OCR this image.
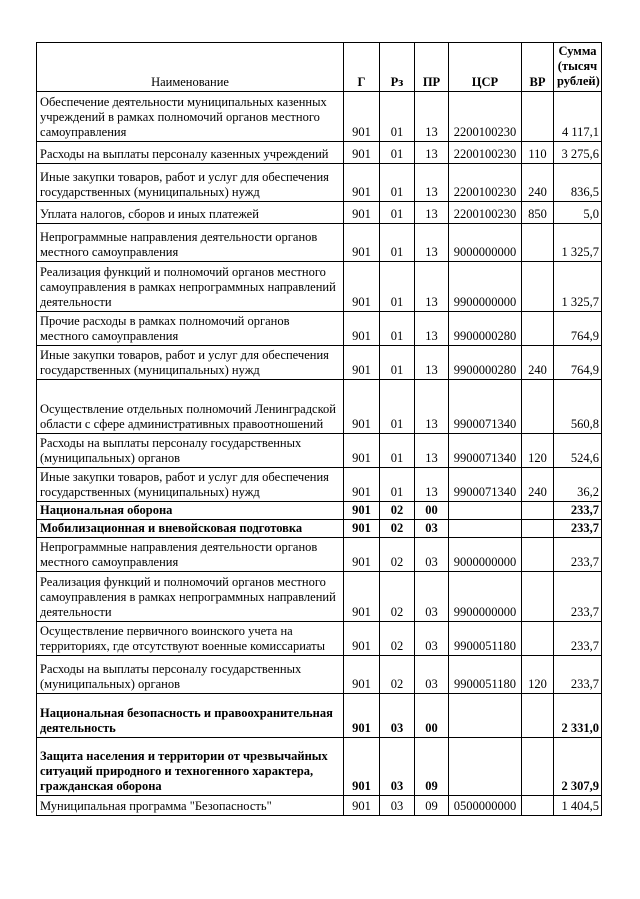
Наименование	Г	Рз	ПР	ЦСР	ВР	Сумма (тысяч рублей)
Обеспечение деятельности муниципальных казенных учреждений в рамках полномочий органов местного самоуправления	901	01	13	2200100230		4 117,1
Расходы на выплаты персоналу казенных учреждений	901	01	13	2200100230	110	3 275,6
Иные закупки товаров, работ и услуг для обеспечения государственных (муниципальных) нужд	901	01	13	2200100230	240	836,5
Уплата налогов, сборов и иных платежей	901	01	13	2200100230	850	5,0
Непрограммные направления деятельности органов местного самоуправления	901	01	13	9000000000		1 325,7
Реализация функций и полномочий органов местного самоуправления в рамках непрограммных направлений деятельности	901	01	13	9900000000		1 325,7
Прочие расходы в рамках полномочий органов местного самоуправления	901	01	13	9900000280		764,9
Иные закупки товаров, работ и услуг для обеспечения государственных (муниципальных) нужд	901	01	13	9900000280	240	764,9
Осуществление отдельных полномочий Ленинградской области с сфере административных правоотношений	901	01	13	9900071340		560,8
Расходы на выплаты персоналу государственных (муниципальных) органов	901	01	13	9900071340	120	524,6
Иные закупки товаров, работ и услуг для обеспечения государственных (муниципальных) нужд	901	01	13	9900071340	240	36,2
Национальная оборона	901	02	00			233,7
Мобилизационная и вневойсковая подготовка	901	02	03			233,7
Непрограммные направления деятельности органов местного самоуправления	901	02	03	9000000000		233,7
Реализация функций и полномочий органов местного самоуправления в рамках непрограммных направлений деятельности	901	02	03	9900000000		233,7
Осуществление первичного воинского учета на территориях, где отсутствуют военные комиссариаты	901	02	03	9900051180		233,7
Расходы на выплаты персоналу государственных (муниципальных) органов	901	02	03	9900051180	120	233,7
Национальная безопасность и правоохранительная деятельность	901	03	00			2 331,0
Защита населения и территории от чрезвычайных ситуаций природного и техногенного характера, гражданская оборона	901	03	09			2 307,9
Муниципальная программа "Безопасность"	901	03	09	0500000000		1 404,5
